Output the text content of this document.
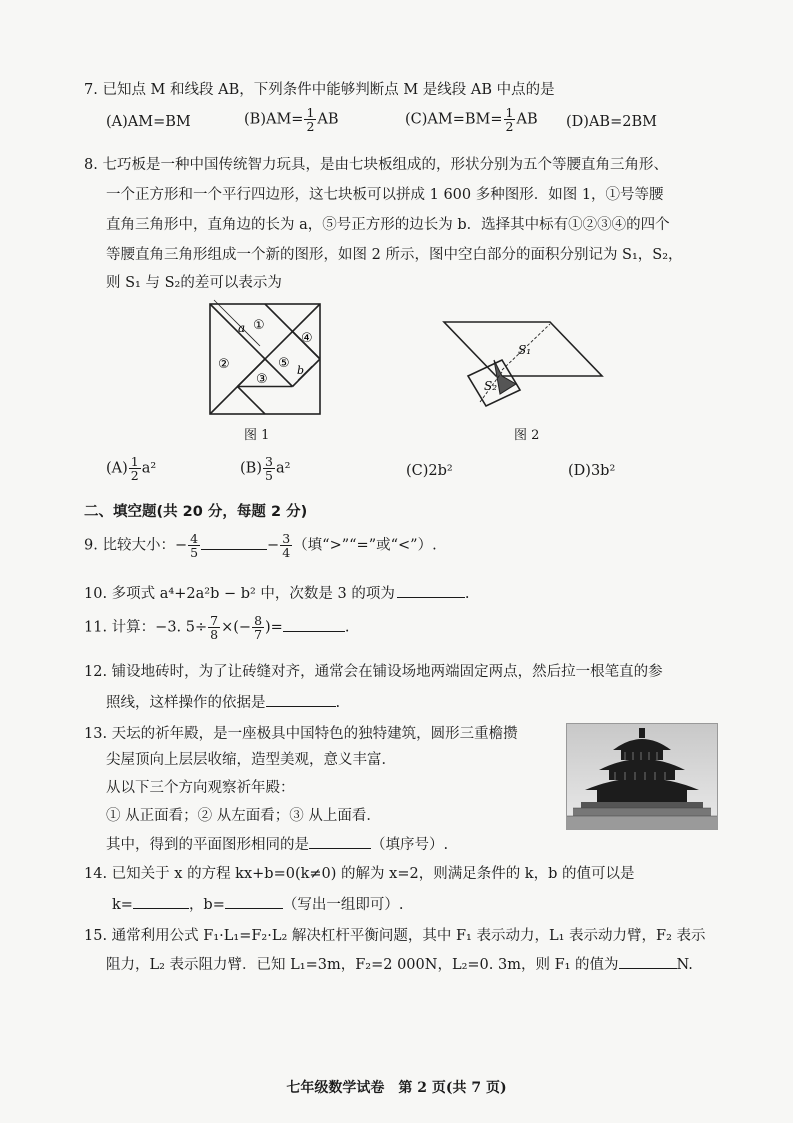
7. 已知点 M 和线段 AB，下列条件中能够判断点 M 是线段 AB 中点的是
(A)AM=BM	$(B)AM= \frac{1}{2}$ AB	$(C)AM=BM= \frac{1}{2}$ AB (D)AB=2BM
8. 七巧板是一种中国传统智力玩具，是由七块板组成的，形状分别为五个等腰直角三角形、
一个正方形和一个平行四边形，这七块板可以拼成 1 600 多种图形．如图 1，①号等腰
直角三角形中，直角边的长为 a，⑤号正方形的边长为 b．选择其中标有①②③④的四个
等腰直角三角形组成一个新的图形，如图 2 所示，图中空白部分的面积分别记为 S₁，S₂，
则 S₁ 与 S₂的差可以表示为
a ①
②
③
④
⑤ b
图 1
S₁
S₂
图 2
$(A) \frac{1}{2} a^2$	$(B) \frac{3}{5} a^2$	(C)2b²	(D)3b²
二、填空题(共 20 分，每题 2 分)
9. 比较大小：− $\frac{4}{5}$	− $\frac{3}{4}$ （填“>”“=”或“<”）.
10. 多项式 a⁴+2a²b − b² 中，次数是 3 的项为	.
11. 计算：−3. $5\div \frac{7}{8}$ ×(− $\frac{8}{7}$ )=	.
12. 铺设地砖时，为了让砖缝对齐，通常会在铺设场地两端固定两点，然后拉一根笔直的参
照线，这样操作的依据是	.
13. 天坛的祈年殿，是一座极具中国特色的独特建筑，圆形三重檐攒
尖屋顶向上层层收缩，造型美观，意义丰富．
从以下三个方向观察祈年殿：
① 从正面看；② 从左面看；③ 从上面看．
其中，得到的平面图形相同的是	（填序号）.
14. 已知关于 x 的方程 kx+b=0(k≠0) 的解为 x=2，则满足条件的 k，b 的值可以是
k=	，b=	（写出一组即可）.
15. 通常利用公式 F₁·L₁=F₂·L₂ 解决杠杆平衡问题，其中 F₁ 表示动力，L₁ 表示动力臂，F₂ 表示
阻力，L₂ 表示阻力臂．已知 L₁=3m，F₂=2 000N，L₂=0. 3m，则 F₁ 的值为	N.
七年级数学试卷　第 2 页(共 7 页)
